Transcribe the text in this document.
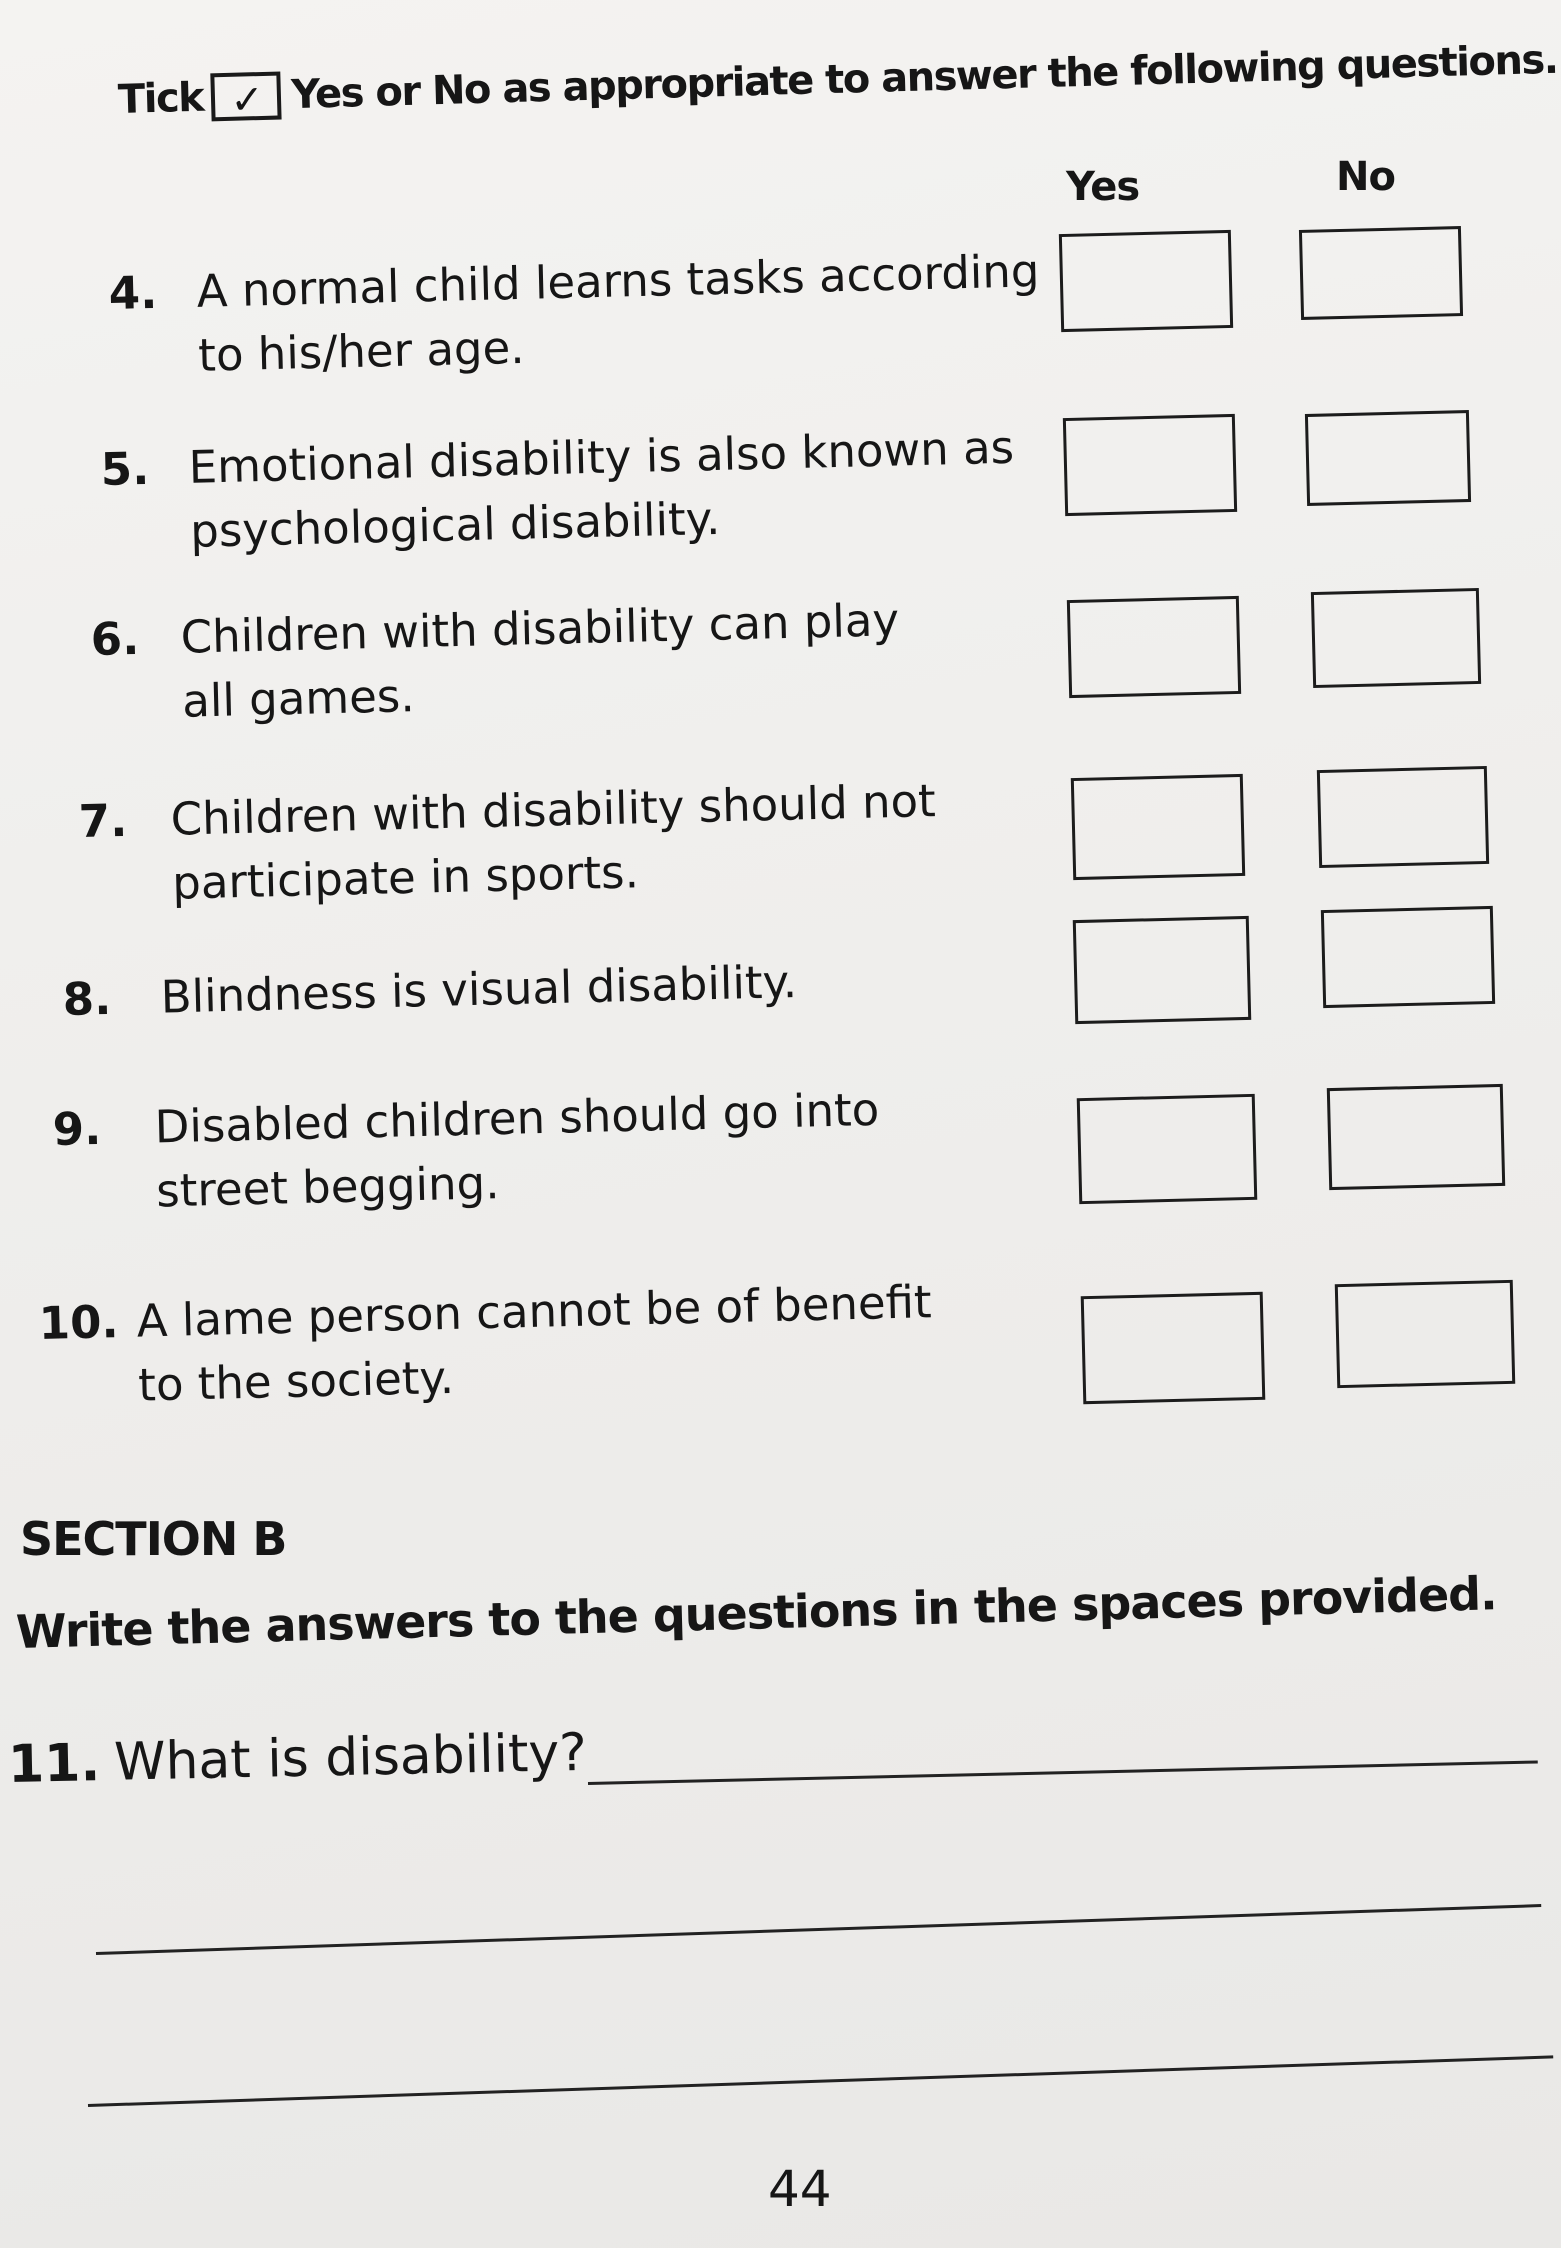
Tick ✓ Yes or No as appropriate to answer the following questions.
Yes	No
4. A normal child learns tasks according
to his/her age.
5. Emotional disability is also known as
psychological disability.
6. Children with disability can play
all games.
7. Children with disability should not
participate in sports.
8. Blindness is visual disability.
9. Disabled children should go into
street begging.
10. A lame person cannot be of benefit
to the society.
SECTION B
Write the answers to the questions in the spaces provided.
11. What is disability?
44
